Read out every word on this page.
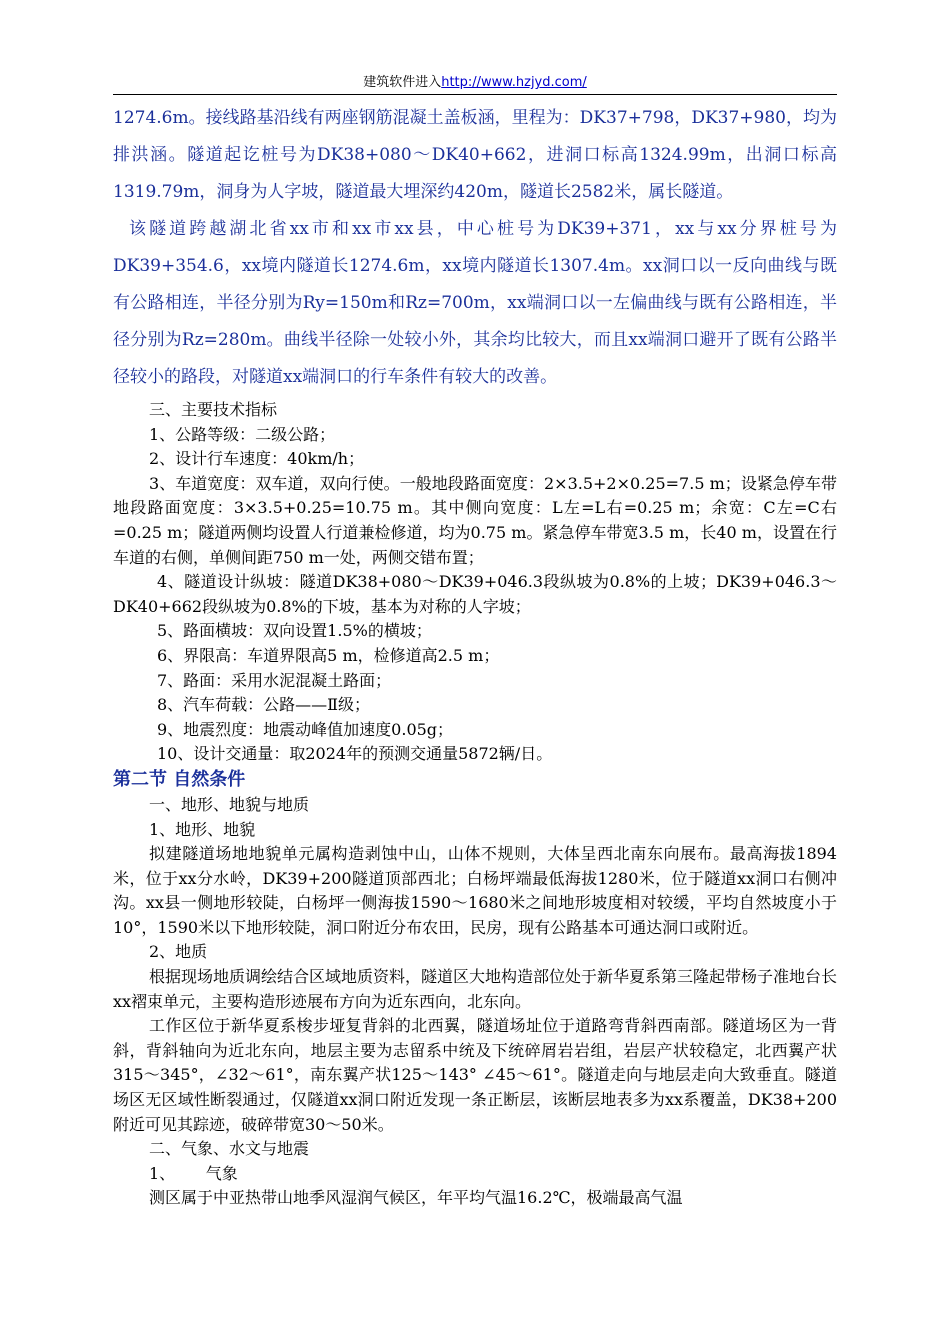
建筑软件进入http://www.hzjyd.com/

1274.6m。接线路基沿线有两座钢筋混凝土盖板涵，里程为：DK37+798，DK37+980，均为排洪涵。隧道起讫桩号为DK38+080～DK40+662，进洞口标高1324.99m，出洞口标高1319.79m，洞身为人字坡，隧道最大埋深约420m，隧道长2582米，属长隧道。

该隧道跨越湖北省xx市和xx市xx县，中心桩号为DK39+371，xx与xx分界桩号为DK39+354.6，xx境内隧道长1274.6m，xx境内隧道长1307.4m。xx洞口以一反向曲线与既有公路相连，半径分别为Ry=150m和Rz=700m，xx端洞口以一左偏曲线与既有公路相连，半径分别为Rz=280m。曲线半径除一处较小外，其余均比较大，而且xx端洞口避开了既有公路半径较小的路段，对隧道xx端洞口的行车条件有较大的改善。

三、主要技术指标

1、公路等级：二级公路；

2、设计行车速度：40km/h；

3、车道宽度：双车道，双向行使。一般地段路面宽度：2×3.5+2×0.25=7.5 m；设紧急停车带地段路面宽度：3×3.5+0.25=10.75 m。其中侧向宽度：L左=L右=0.25 m；余宽：C左=C右=0.25 m；隧道两侧均设置人行道兼检修道，均为0.75 m。紧急停车带宽3.5 m，长40 m，设置在行车道的右侧，单侧间距750 m一处，两侧交错布置；

4、隧道设计纵坡：隧道DK38+080～DK39+046.3段纵坡为0.8%的上坡；DK39+046.3～DK40+662段纵坡为0.8%的下坡，基本为对称的人字坡；

5、路面横坡：双向设置1.5%的横坡；

6、界限高：车道界限高5 m，检修道高2.5 m；

7、路面：采用水泥混凝土路面；

8、汽车荷载：公路——Ⅱ级；

9、地震烈度：地震动峰值加速度0.05g；

10、设计交通量：取2024年的预测交通量5872辆/日。

第二节 自然条件

一、地形、地貌与地质

1、地形、地貌

拟建隧道场地地貌单元属构造剥蚀中山，山体不规则，大体呈西北南东向展布。最高海拔1894米，位于xx分水岭，DK39+200隧道顶部西北；白杨坪端最低海拔1280米，位于隧道xx洞口右侧冲沟。xx县一侧地形较陡，白杨坪一侧海拔1590～1680米之间地形坡度相对较缓，平均自然坡度小于10°，1590米以下地形较陡，洞口附近分布农田，民房，现有公路基本可通达洞口或附近。

2、地质

根据现场地质调绘结合区域地质资料，隧道区大地构造部位处于新华夏系第三隆起带杨子准地台长xx褶束单元，主要构造形迹展布方向为近东西向，北东向。

工作区位于新华夏系梭步垭复背斜的北西翼，隧道场址位于道路弯背斜西南部。隧道场区为一背斜，背斜轴向为近北东向，地层主要为志留系中统及下统碎屑岩岩组，岩层产状较稳定，北西翼产状315～345°，∠32～61°，南东翼产状125～143° ∠45～61°。隧道走向与地层走向大致垂直。隧道场区无区域性断裂通过，仅隧道xx洞口附近发现一条正断层，该断层地表多为xx系覆盖，DK38+200附近可见其踪迹，破碎带宽30～50米。

二、气象、水文与地震

1、      气象

测区属于中亚热带山地季风湿润气候区，年平均气温16.2℃，极端最高气温
